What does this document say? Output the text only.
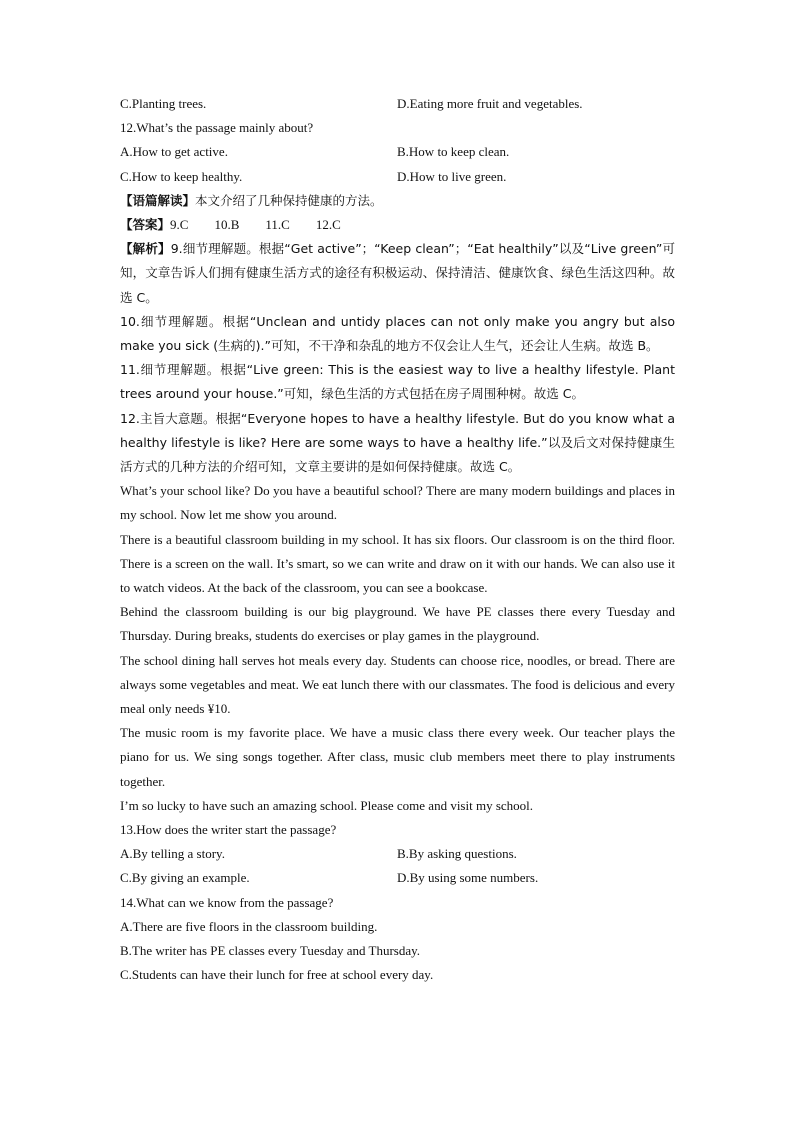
C.Planting trees.	D.Eating more fruit and vegetables.
12.What’s the passage mainly about?
A.How to get active.	B.How to keep clean.
C.How to keep healthy.	D.How to live green.
【语篇解读】本文介绍了几种保持健康的方法。
【答案】9.C 10.B 11.C 12.C
【解析】9.细节理解题。根据“Get active”；“Keep clean”；“Eat healthily”以及“Live green”可知，文章告诉人们拥有健康生活方式的途径有积极运动、保持清洁、健康饮食、绿色生活这四种。故选 C。
10.细节理解题。根据“Unclean and untidy places can not only make you angry but also make you sick (生病的).”可知，不干净和杂乱的地方不仅会让人生气，还会让人生病。故选 B。
11.细节理解题。根据“Live green: This is the easiest way to live a healthy lifestyle. Plant trees around your house.”可知，绿色生活的方式包括在房子周围种树。故选 C。
12.主旨大意题。根据“Everyone hopes to have a healthy lifestyle. But do you know what a healthy lifestyle is like? Here are some ways to have a healthy life.”以及后文对保持健康生活方式的几种方法的介绍可知，文章主要讲的是如何保持健康。故选 C。
What’s your school like? Do you have a beautiful school? There are many modern buildings and places in my school. Now let me show you around.
There is a beautiful classroom building in my school. It has six floors. Our classroom is on the third floor. There is a screen on the wall. It’s smart, so we can write and draw on it with our hands. We can also use it to watch videos. At the back of the classroom, you can see a bookcase.
Behind the classroom building is our big playground. We have PE classes there every Tuesday and Thursday. During breaks, students do exercises or play games in the playground.
The school dining hall serves hot meals every day. Students can choose rice, noodles, or bread. There are always some vegetables and meat. We eat lunch there with our classmates. The food is delicious and every meal only needs ¥10.
The music room is my favorite place. We have a music class there every week. Our teacher plays the piano for us. We sing songs together. After class, music club members meet there to play instruments together.
I’m so lucky to have such an amazing school. Please come and visit my school.
13.How does the writer start the passage?
A.By telling a story.	B.By asking questions.
C.By giving an example.	D.By using some numbers.
14.What can we know from the passage?
A.There are five floors in the classroom building.
B.The writer has PE classes every Tuesday and Thursday.
C.Students can have their lunch for free at school every day.
